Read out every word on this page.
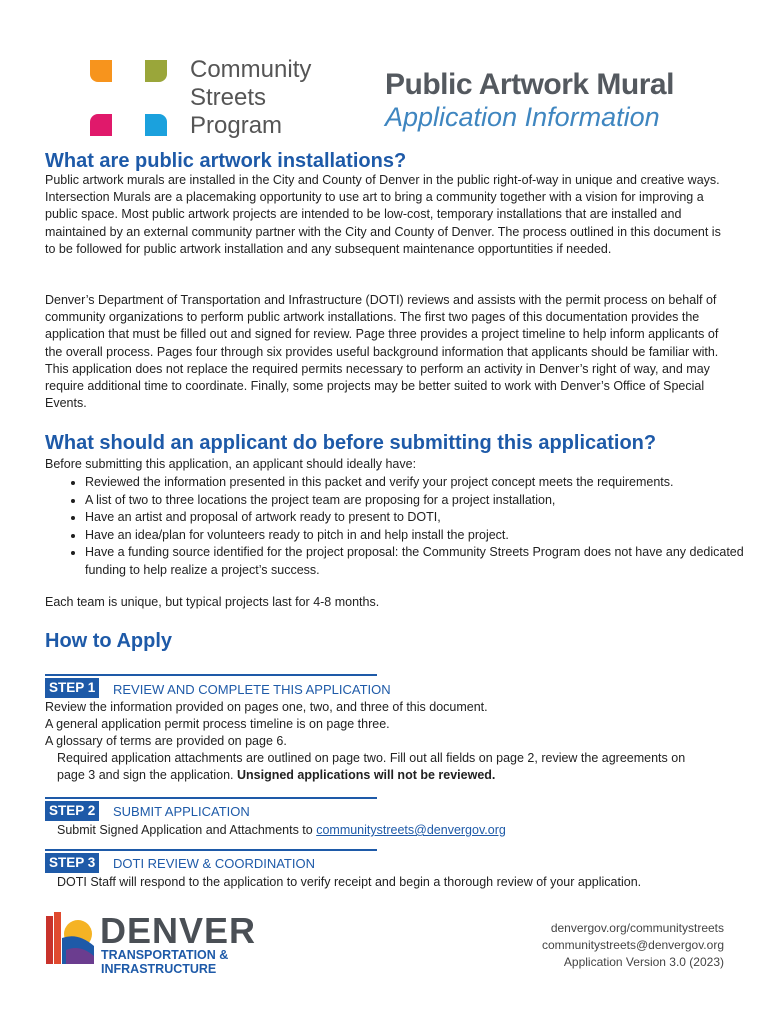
Community
Streets
Program
Public Artwork Mural
Application Information
What are public artwork installations?

Public artwork murals are installed in the City and County of Denver in the public right-of-way in unique and creative ways. Intersection Murals are a placemaking opportunity to use art to bring a community together with a vision for improving a public space. Most public artwork projects are intended to be low-cost, temporary installations that are installed and maintained by an external community partner with the City and County of Denver. The process outlined in this document is to be followed for public artwork installation and any subsequent maintenance opportuntities if needed.

Denver’s Department of Transportation and Infrastructure (DOTI) reviews and assists with the permit process on behalf of community organizations to perform public artwork installations. The first two pages of this documentation provides the application that must be filled out and signed for review. Page three provides a project timeline to help inform applicants of the overall process. Pages four through six provides useful background information that applicants should be familiar with. This application does not replace the required permits necessary to perform an activity in Denver’s right of way, and may require additional time to coordinate. Finally, some projects may be better suited to work with Denver’s Office of Special Events.

What should an applicant do before submitting this application?
Before submitting this application, an applicant should ideally have:
• Reviewed the information presented in this packet and verify your project concept meets the requirements.
• A list of two to three locations the project team are proposing for a project installation,
• Have an artist and proposal of artwork ready to present to DOTI,
• Have an idea/plan for volunteers ready to pitch in and help install the project.
• Have a funding source identified for the project proposal: the Community Streets Program does not have any dedicated funding to help realize a project’s success.
Each team is unique, but typical projects last for 4-8 months.
How to Apply
STEP 1	REVIEW AND COMPLETE THIS APPLICATION
Review the information provided on pages one, two, and three of this document.
A general application permit process timeline is on page three.
A glossary of terms are provided on page 6.
Required application attachments are outlined on page two. Fill out all fields on page 2, review the agreements on
page 3 and sign the application. Unsigned applications will not be reviewed.
STEP 2	SUBMIT APPLICATION
Submit Signed Application and Attachments to communitystreets@denvergov.org
STEP 3	DOTI REVIEW & COORDINATION
DOTI Staff will respond to the application to verify receipt and begin a thorough review of your application.
DENVER
TRANSPORTATION &
INFRASTRUCTURE
denvergov.org/communitystreets
communitystreets@denvergov.org
Application Version 3.0 (2023)
